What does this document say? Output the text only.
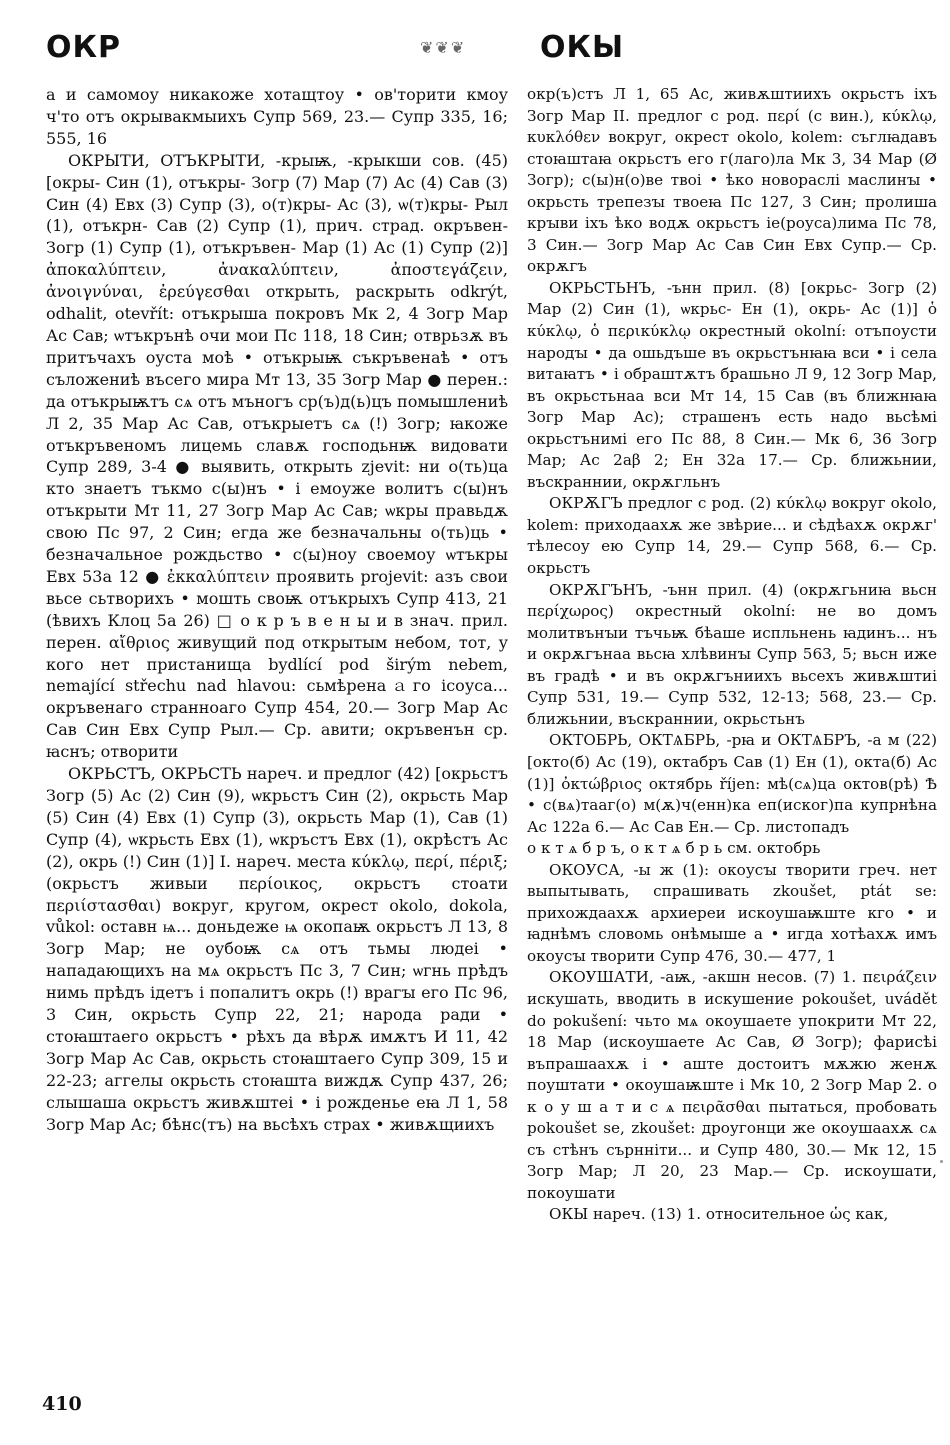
ОКР	❦❦❦ ОКЫ

а и самомоу никакоже хотащтоу • ов'торити кмоу ч'то отъ окрывакмыихъ Супр 569, 23.— Супр 335, 16; 555, 16

ОКРЫТИ, ОТЪКРЫТИ, -крыѭ, -крыкши сов. (45) [окры- Син (1), отъкры- Зогр (7) Мар (7) Ас (4) Сав (3) Син (4) Евх (3) Супр (3), о(т)кры- Ас (3), ѡ(т)кры- Рыл (1), отъкрн- Сав (2) Супр (1), прич. страд. окръвен- Зогр (1) Супр (1), отъкръвен- Мар (1) Ас (1) Супр (2)] ἀποκαλύπτειν, ἀνακαλύπτειν, ἀποστεγάζειν, ἀνοιγνύναι, ἐρεύγεσθαι открыть, раскрыть odkrýt, odhalit, otevřít: отъкрыша покровъ Мк 2, 4 Зогр Мар Ас Сав; ѡтъкрънѣ очи мои Пс 118, 18 Син; отврьзѫ въ притъчахъ оуста моѣ • отъкрыѭ съкръвенаѣ • отъ съложениѣ въсего мира Мт 13, 35 Зогр Мар ● перен.: да отъкрыѭтъ сѧ отъ мъногъ ср(ъ)д(ь)цъ помышлениѣ Л 2, 35 Мар Ас Сав, отъкрыетъ сѧ (!) Зогр; ꙗкоже отъкръвеномъ лицемь славѫ господьнѭ видовати Супр 289, 3-4 ● выявить, открыть zjevit: ни о(ть)ца кто знаетъ тъкмо с(ы)нъ • і емоуже волитъ с(ы)нъ отъкрыти Мт 11, 27 Зогр Мар Ас Сав; ѡкры правьдѫ свою Пс 97, 2 Син; егда же безначальны о(ть)ць • безначальное рождьство • с(ы)ноу своемоу ѡтъкры Евх 53а 12 ● ἐκκαλύπτειν проявить projevit: азъ свои вьсе сьтворихъ • мошть своѭ отъкрыхъ Супр 413, 21 (ѣвихъ Клоц 5а 26) □ о к р ъ в е н ы и в знач. прил. перен. αἴθριος живущий под открытым небом, тот, у кого нет пристанища bydlící pod širým nebem, nemající střechu nad hlavou: сьмѣренаａго ісоуса... окръвенаго странноаго Супр 454, 20.— Зогр Мар Ас Сав Син Евх Супр Рыл.— Ср. авити; окръвенън ср. ꙗснъ; отворити

ОКРЬСТЪ, ОКРЬСТЬ нареч. и предлог (42) [окрьстъ Зогр (5) Ас (2) Син (9), ѡкрьстъ Син (2), окрьсть Мар (5) Син (4) Евх (1) Супр (3), окрьсть Мар (1), Сав (1) Супр (4), ѡкрьсть Евх (1), ѡкръстъ Евх (1), окрѣстъ Ас (2), окрь (!) Син (1)] I. нареч. места κύκλῳ, περί, πέριξ; (окрьстъ живыи περίοικος, окрьстъ стоати περιίστασθαι) вокруг, кругом, окрест okolo, dokola, vůkol: оставн ѩ... доньдеже ѩ окопаѭ окрьстъ Л 13, 8 Зогр Мар; не оубоѭ сѧ отъ тьмы людеі • нападающихъ на мѧ окрьстъ Пс 3, 7 Син; ѡгнь прѣдъ нимь прѣдъ ідетъ і попалитъ окрь (!) врагꙑ его Пс 96, 3 Син, окрьсть Супр 22, 21; народа ради • стоꙗштаего окрьстъ • рѣхъ да вѣрѫ имѫтъ И 11, 42 Зогр Мар Ас Сав, окрьсть стоꙗштаего Супр 309, 15 и 22-23; аггелы окрьсть стоꙗшта виждѫ Супр 437, 26; слышаша окрьстъ живѫштеі • і рожденье еꙗ Л 1, 58 Зогр Мар Ас; бѣнс(тъ) на вьсѣхъ страх • живѫщиихъ

окр(ъ)стъ Л 1, 65 Ас, живѫштиихъ окрьстъ іхъ Зогр Мар II. предлог с род. περί (с вин.), κύκλῳ, κυκλόθεν вокруг, окрест okolo, kolem: съглꙗдавъ стоꙗштаꙗ окрьстъ его г(лаго)ла Мк 3, 34 Мар (Ø Зогр); с(ы)н(о)ве твоі • ѣко новораслі маслинꙑ • окрьсть трепезꙑ твоеꙗ Пс 127, 3 Син; пролиша крꙑви іхъ ѣко водѫ окрьстъ іе(роуса)лима Пс 78, 3 Син.— Зогр Мар Ас Сав Син Евх Супр.— Ср. окрѫгъ

ОКРЬСТЬНЪ, -ънн прил. (8) [окрьс- Зогр (2) Мар (2) Син (1), ѡкрьс- Ен (1), окрь- Ас (1)] ὁ κύκλῳ, ὁ περικύκλῳ окрестный okolní: отъпоусти народꙑ • да ошьдъше въ окрьстънꙗꙗ вси • і села витаꙗтъ • і обраштѫтъ брашьно Л 9, 12 Зогр Мар, въ окрьстьнаа вси Мт 14, 15 Сав (въ ближнꙗꙗ Зогр Мар Ас); страшенъ есть надо вьсѣмі окрьстънимі его Пс 88, 8 Син.— Мк 6, 36 Зогр Мар; Ас 2аβ 2; Ен 32а 17.— Ср. ближьнии, въскраннии, окрѫгльнъ

ОКРѪГЪ предлог с род. (2) κύκλῳ вокруг okolo, kolem: приходаахѫ же звѣрие... и сѣдѣахѫ окрѫг' тѣлесоу ею Супр 14, 29.— Супр 568, 6.— Ср. окрьстъ

ОКРѪГЪНЪ, -ънн прил. (4) (окрѫгьниꙗ вьсн περίχωρος) окрестный okolní: не во домъ молитвънꙑи тъчьѭ бѣаше испльнень ꙗдинъ... нъ и окрѫгънаа вьсꙗ хлѣвинꙑ Супр 563, 5; вьсн иже въ градѣ • и въ окрѫгъниихъ вьсехъ живѫштиі Супр 531, 19.— Супр 532, 12-13; 568, 23.— Ср. ближьнии, въскраннии, окрьстьнъ

ОКТОБРЬ, ОКТѦБРЬ, -рꙗ и ОКТѦБРЪ, -а м (22) [окто(б) Ас (19), октабръ Сав (1) Ен (1), окта(б) Ас (1)] ὀκτώβριος октябрь říjen: мѣ(сѧ)ца октов(рѣ) Ѣ • с(вѧ)таaг(о) м(ѫ)ч(енн)ка еп(иског)па купрнѣна Ас 122а 6.— Ас Сав Ен.— Ср. листопадъ

о к т ѧ б р ъ, о к т ѧ б р ь см. октобрь

ОКОУСА, -ы ж (1): окоусꙑ творити греч. нет выпытывать, спрашивать zkoušet, ptát se: прихождаахѫ архиереи искоушаѭште кго • и ꙗднѣмъ словомь онѣмыше а • игда хотѣахѫ имъ окоусꙑ творити Супр 476, 30.— 477, 1

ОКОУШАТИ, -аѭ, -акшн несов. (7) 1. πειράζειν искушать, вводить в искушение pokoušet, uvádět do pokušení: чьто мѧ окоушаете упокрити Мт 22, 18 Мар (искоушаете Ас Сав, Ø Зогр); фарисѣі въпрашаахѫ і • аште достоитъ мѫжю женѫ поуштати • окоушаѭште і Мк 10, 2 Зогр Мар 2. о к о у ш а т и с ѧ πειρᾶσθαι пытаться, пробовать pokoušet se, zkoušet: дроугонци же окоушаахѫ сѧ съ стѣнъ сърнніти... и Супр 480, 30.— Мк 12, 15 Зогр Мар; Л 20, 23 Мар.— Ср. искоушати, покоушати

ОКЫ нареч. (13) 1. относительное ὡς как,

410
